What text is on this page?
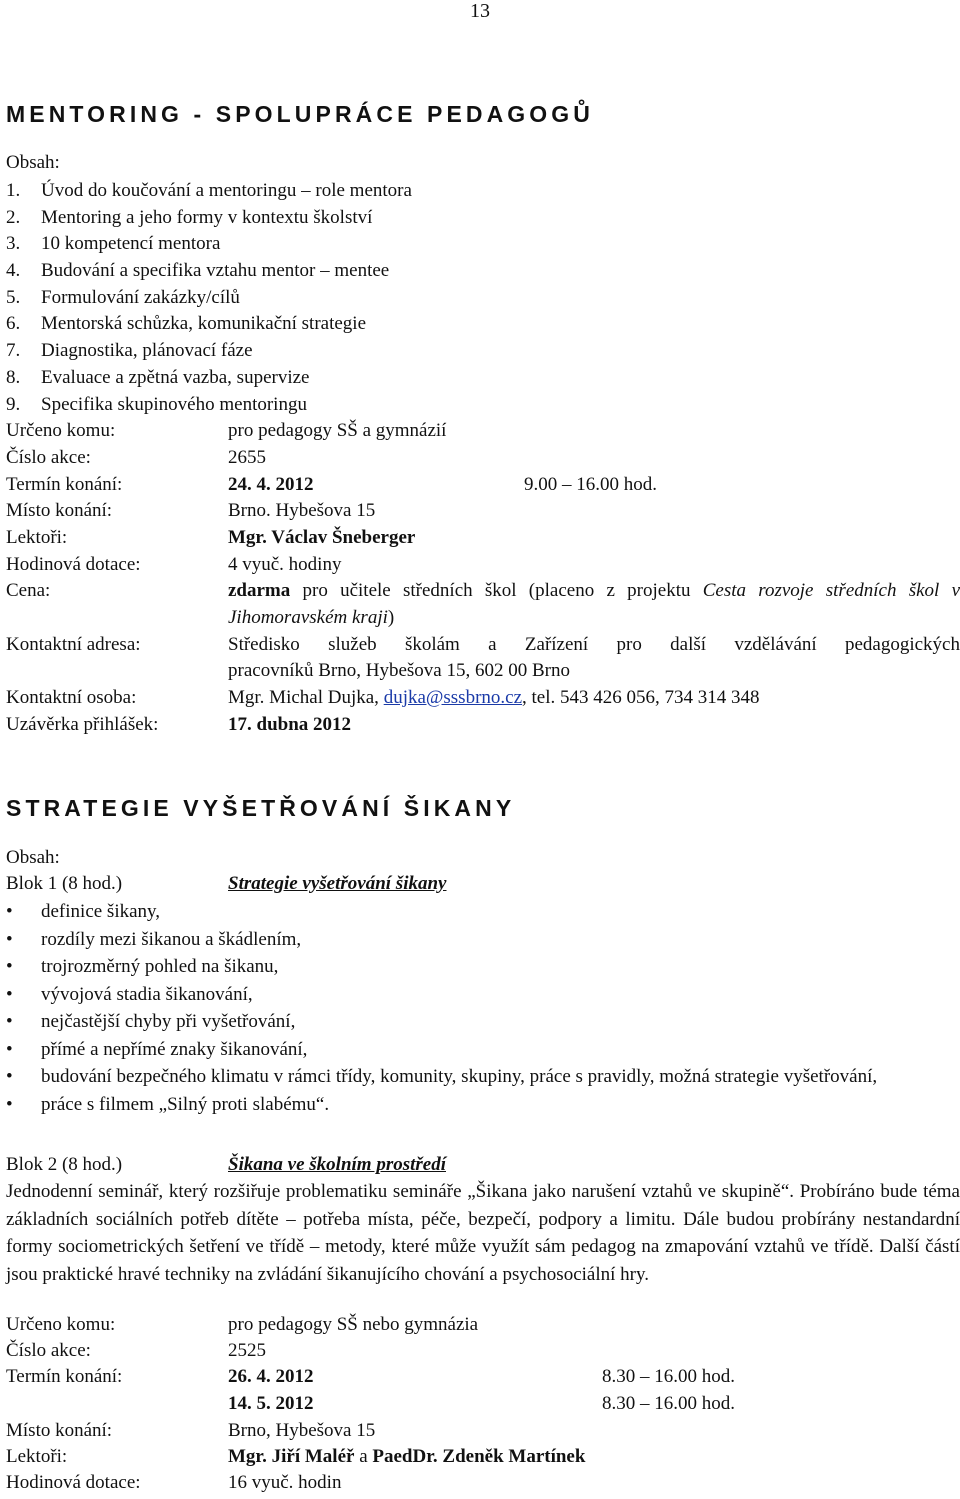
13
MENTORING - SPOLUPRÁCE PEDAGOGŮ
Obsah:
1. Úvod do koučování a mentoringu – role mentora
2. Mentoring a jeho formy v kontextu školství
3. 10 kompetencí mentora
4. Budování a specifika vztahu mentor – mentee
5. Formulování zakázky/cílů
6. Mentorská schůzka, komunikační strategie
7. Diagnostika, plánovací fáze
8. Evaluace a zpětná vazba, supervize
9. Specifika skupinového mentoringu
Určeno komu:	pro pedagogy SŠ a gymnázií
Číslo akce:	2655
Termín konání:	24. 4. 2012	9.00 – 16.00 hod.
Místo konání:	Brno. Hybešova 15
Lektoři:	Mgr. Václav Šneberger
Hodinová dotace:	4 vyuč. hodiny
Cena:	zdarma pro učitele středních škol (placeno z projektu Cesta rozvoje středních škol v Jihomoravském kraji)
Kontaktní adresa:	Středisko služeb školám a Zařízení pro další vzdělávání pedagogických
pracovníků Brno, Hybešova 15, 602 00 Brno
Kontaktní osoba:	Mgr. Michal Dujka, dujka@sssbrno.cz, tel. 543 426 056, 734 314 348
Uzávěrka přihlášek:	17. dubna 2012
STRATEGIE VYŠETŘOVÁNÍ ŠIKANY
Obsah:
Blok 1 (8 hod.)	Strategie vyšetřování šikany
• definice šikany,
• rozdíly mezi šikanou a škádlením,
• trojrozměrný pohled na šikanu,
• vývojová stadia šikanování,
• nejčastější chyby při vyšetřování,
• přímé a nepřímé znaky šikanování,
• budování bezpečného klimatu v rámci třídy, komunity, skupiny, práce s pravidly, možná strategie vyšetřování,
• práce s filmem „Silný proti slabému“.
Blok 2 (8 hod.)	Šikana ve školním prostředí
Jednodenní seminář, který rozšiřuje problematiku semináře „Šikana jako narušení vztahů ve skupině“. Probíráno bude téma základních sociálních potřeb dítěte – potřeba místa, péče, bezpečí, podpory a limitu. Dále budou probírány nestandardní formy sociometrických šetření ve třídě – metody, které může využít sám pedagog na zmapování vztahů ve třídě. Další částí jsou praktické hravé techniky na zvládání šikanujícího chování a psychosociální hry.
Určeno komu:	pro pedagogy SŠ nebo gymnázia
Číslo akce:	2525
Termín konání:	26. 4. 2012	8.30 – 16.00 hod.
14. 5. 2012	8.30 – 16.00 hod.
Místo konání:	Brno, Hybešova 15
Lektoři:	Mgr. Jiří Maléř a PaedDr. Zdeněk Martínek
Hodinová dotace:	16 vyuč. hodin
